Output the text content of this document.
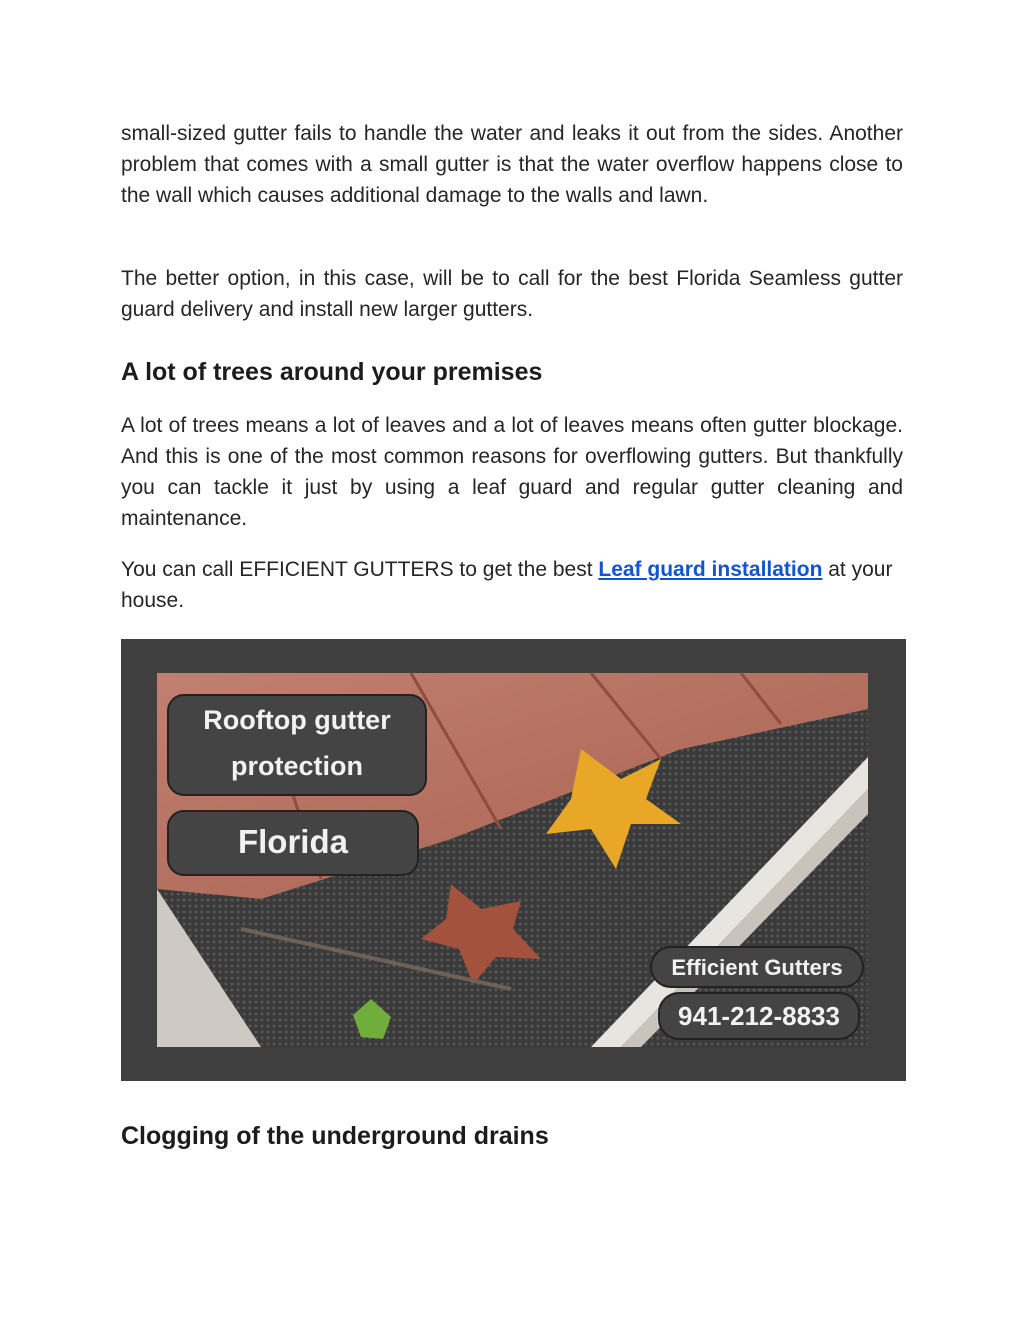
small-sized gutter fails to handle the water and leaks it out from the sides. Another problem that comes with a small gutter is that the water overflow happens close to the wall which causes additional damage to the walls and lawn.

The better option, in this case, will be to call for the best Florida Seamless gutter guard delivery and install new larger gutters.

A lot of trees around your premises

A lot of trees means a lot of leaves and a lot of leaves means often gutter blockage. And this is one of the most common reasons for overflowing gutters. But thankfully you can tackle it just by using a leaf guard and regular gutter cleaning and maintenance.

You can call EFFICIENT GUTTERS to get the best Leaf guard installation at your house.

Clogging of the underground drains
Rooftop gutter
protection
Florida
Efficient Gutters
941-212-8833
